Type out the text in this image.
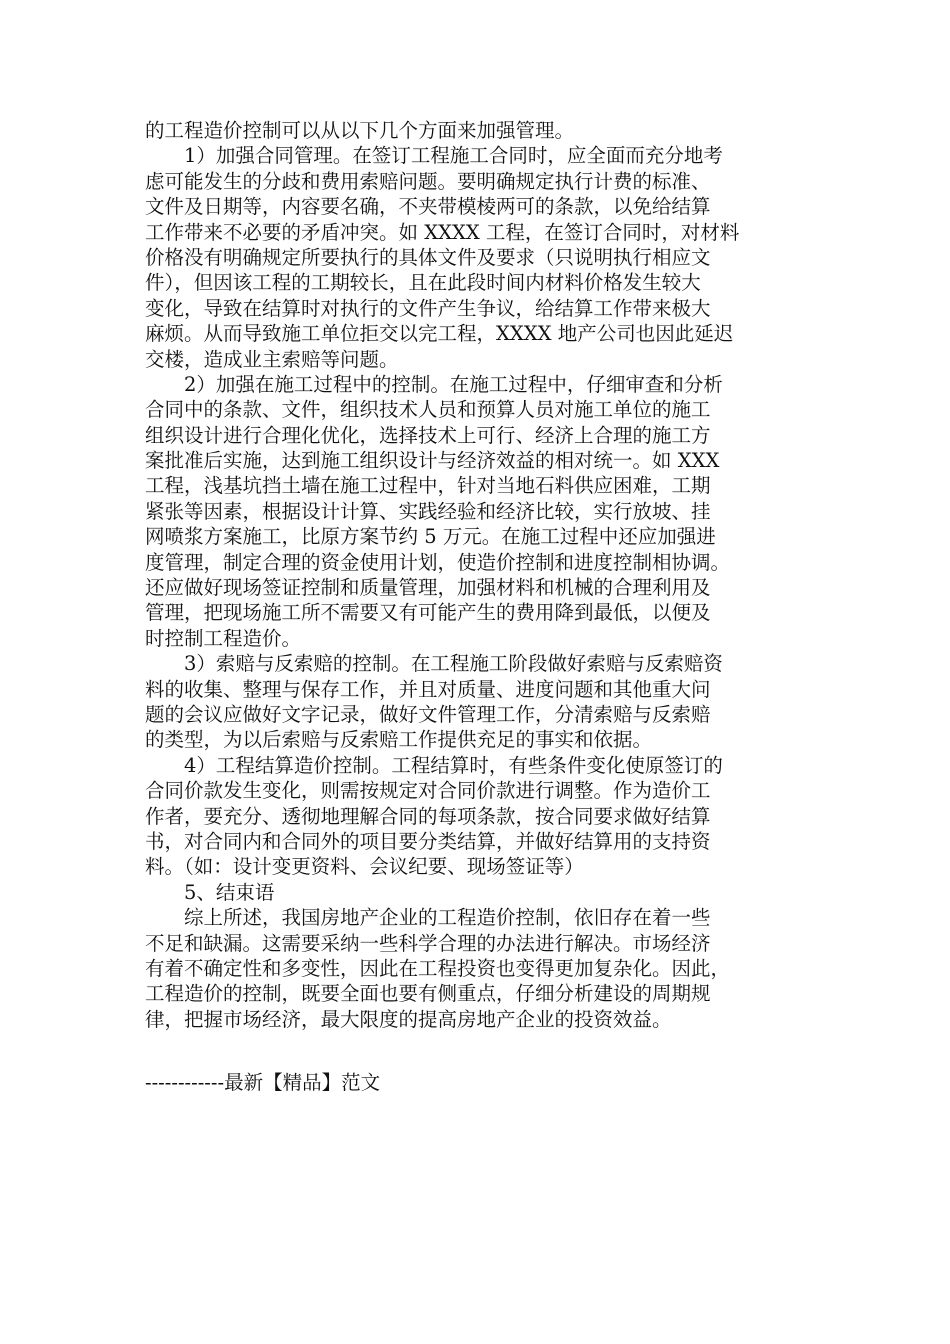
的工程造价控制可以从以下几个方面来加强管理。
1）加强合同管理。在签订工程施工合同时，应全面而充分地考
虑可能发生的分歧和费用索赔问题。要明确规定执行计费的标准、
文件及日期等，内容要名确，不夹带模棱两可的条款，以免给结算
工作带来不必要的矛盾冲突。如 XXXX 工程，在签订合同时，对材料
价格没有明确规定所要执行的具体文件及要求（只说明执行相应文
件），但因该工程的工期较长，且在此段时间内材料价格发生较大
变化，导致在结算时对执行的文件产生争议，给结算工作带来极大
麻烦。从而导致施工单位拒交以完工程，XXXX 地产公司也因此延迟
交楼，造成业主索赔等问题。
2）加强在施工过程中的控制。在施工过程中，仔细审查和分析
合同中的条款、文件，组织技术人员和预算人员对施工单位的施工
组织设计进行合理化优化，选择技术上可行、经济上合理的施工方
案批准后实施，达到施工组织设计与经济效益的相对统一。如 XXX
工程，浅基坑挡土墙在施工过程中，针对当地石料供应困难，工期
紧张等因素，根据设计计算、实践经验和经济比较，实行放坡、挂
网喷浆方案施工，比原方案节约 5 万元。在施工过程中还应加强进
度管理，制定合理的资金使用计划，使造价控制和进度控制相协调。
还应做好现场签证控制和质量管理，加强材料和机械的合理利用及
管理，把现场施工所不需要又有可能产生的费用降到最低，以便及
时控制工程造价。
3）索赔与反索赔的控制。在工程施工阶段做好索赔与反索赔资
料的收集、整理与保存工作，并且对质量、进度问题和其他重大问
题的会议应做好文字记录，做好文件管理工作，分清索赔与反索赔
的类型，为以后索赔与反索赔工作提供充足的事实和依据。
4）工程结算造价控制。工程结算时，有些条件变化使原签订的
合同价款发生变化，则需按规定对合同价款进行调整。作为造价工
作者，要充分、透彻地理解合同的每项条款，按合同要求做好结算
书，对合同内和合同外的项目要分类结算，并做好结算用的支持资
料。（如：设计变更资料、会议纪要、现场签证等）
5、结束语
综上所述，我国房地产企业的工程造价控制，依旧存在着一些
不足和缺漏。这需要采纳一些科学合理的办法进行解决。市场经济
有着不确定性和多变性，因此在工程投资也变得更加复杂化。因此，
工程造价的控制，既要全面也要有侧重点，仔细分析建设的周期规
律，把握市场经济，最大限度的提高房地产企业的投资效益。
------------最新【精品】范文
